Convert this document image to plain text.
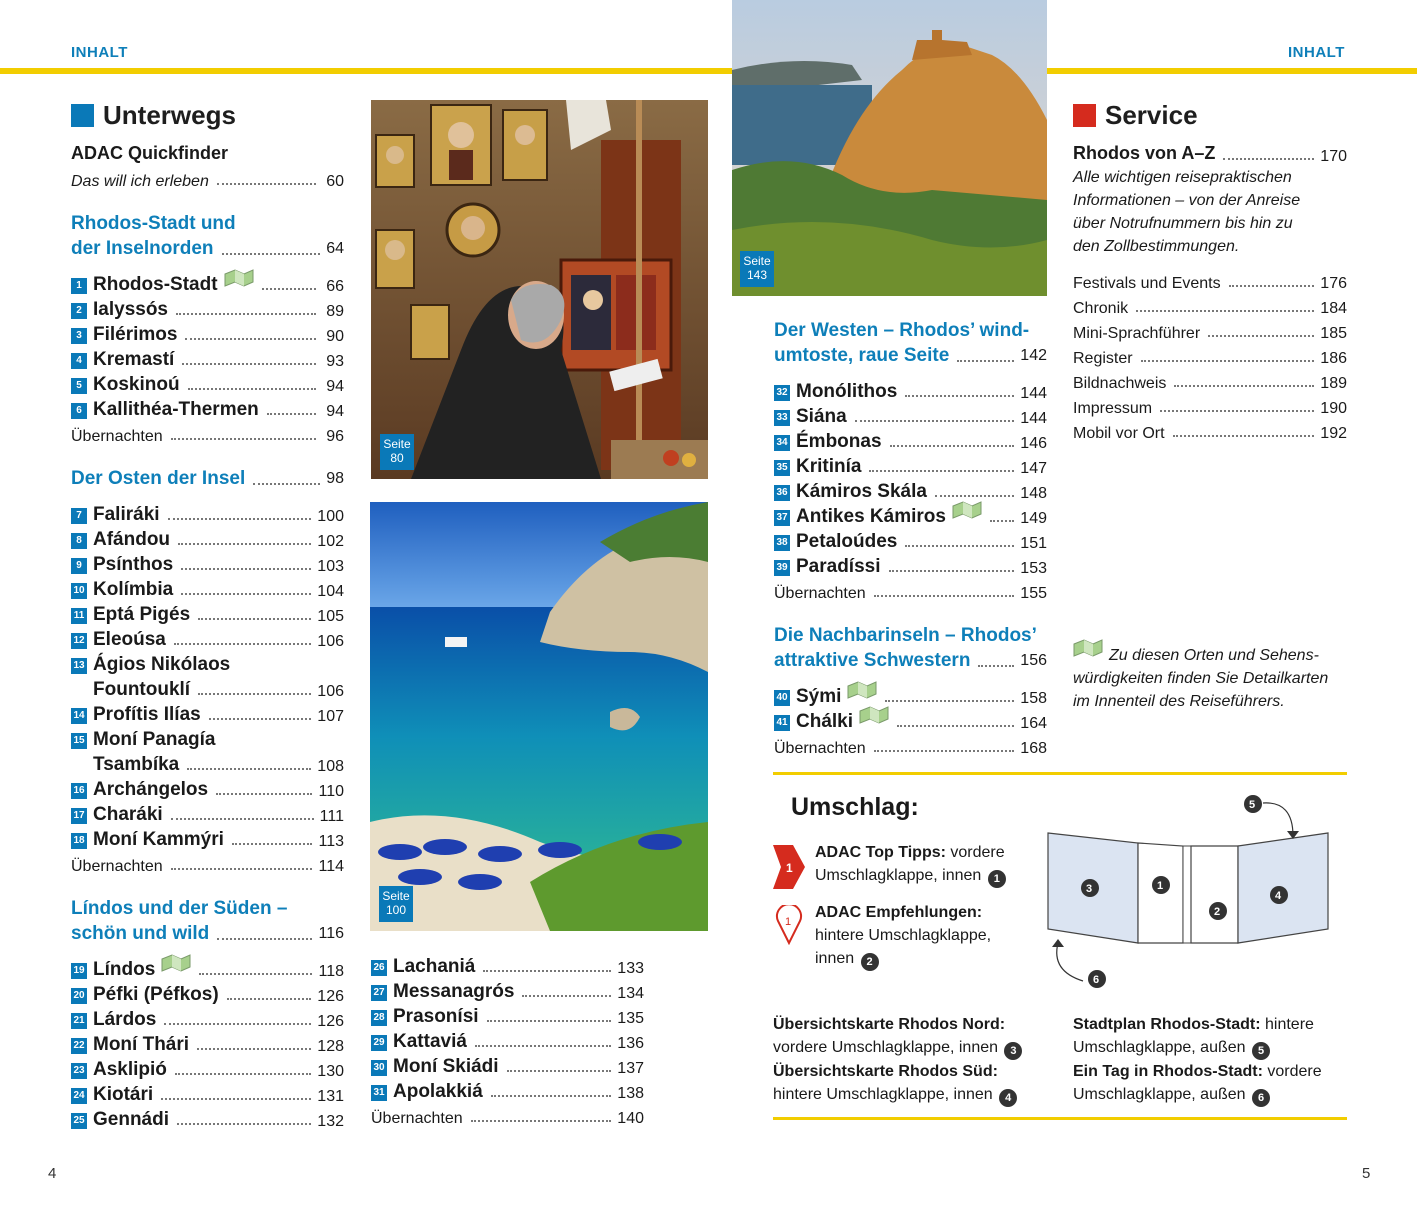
INHALT	INHALT
Seite
80
Seite
100
Seite
143
Unterwegs
ADAC Quickfinder
Das will ich erleben	60
Rhodos-Stadt und
der Inselnorden	64
1 Rhodos-Stadt	66
2 Ialyssós	89
3 Filérimos	90
4 Kremastí	93
5 Koskinoú	94
6 Kallithéa-Thermen	94
Übernachten	96
Der Osten der Insel	98
7 Faliráki	100
8 Afándou	102
9 Psínthos	103
10 Kolímbia	104
11 Eptá Pigés	105
12 Eleoúsa	106
13 Ágios Nikólaos
Fountouklí	106
14 Profítis Ilías	107
15 Moní Panagía
Tsambíka	108
16 Archángelos	110
17 Charáki	111
18 Moní Kammýri	113
Übernachten	114
Líndos und der Süden –
schön und wild	116
19 Líndos	118
20 Péfki (Péfkos)	126
21 Lárdos	126
22 Moní Thári	128
23 Asklipió	130
24 Kiotári	131
25 Gennádi	132
26 Lachaniá	133
27 Messanagrós	134
28 Prasonísi	135
29 Kattaviá	136
30 Moní Skiádi	137
31 Apolakkiá	138
Übernachten	140
Der Westen – Rhodos’ wind-
umtoste, raue Seite	142
32 Monólithos	144
33 Siána	144
34 Émbonas	146
35 Kritinía	147
36 Kámiros Skála	148
37 Antikes Kámiros	149
38 Petaloúdes	151
39 Paradíssi	153
Übernachten	155
Die Nachbarinseln – Rhodos’
attraktive Schwestern	156
40 Sými	158
41 Chálki	164
Übernachten	168
Service
Rhodos von A–Z	170
Alle wichtigen reisepraktischen
Informationen – von der Anreise
über Notrufnummern bis hin zu
den Zollbestimmungen.
Festivals und Events	176
Chronik	184
Mini-Sprachführer	185
Register	186
Bildnachweis	189
Impressum	190
Mobil vor Ort	192
Zu diesen Orten und Sehens-
würdigkeiten finden Sie Detailkarten
im Innenteil des Reiseführers.
Umschlag:
1
ADAC Top Tipps: vordere
Umschlagklappe, innen 1
1
ADAC Empfehlungen:
hintere Umschlagklappe,
innen 2
3	1
2
4
5
6
Übersichtskarte Rhodos Nord:
vordere Umschlagklappe, innen 3
Übersichtskarte Rhodos Süd:
hintere Umschlagklappe, innen 4
Stadtplan Rhodos-Stadt: hintere
Umschlagklappe, außen 5
Ein Tag in Rhodos-Stadt: vordere
Umschlagklappe, außen 6
4	5
